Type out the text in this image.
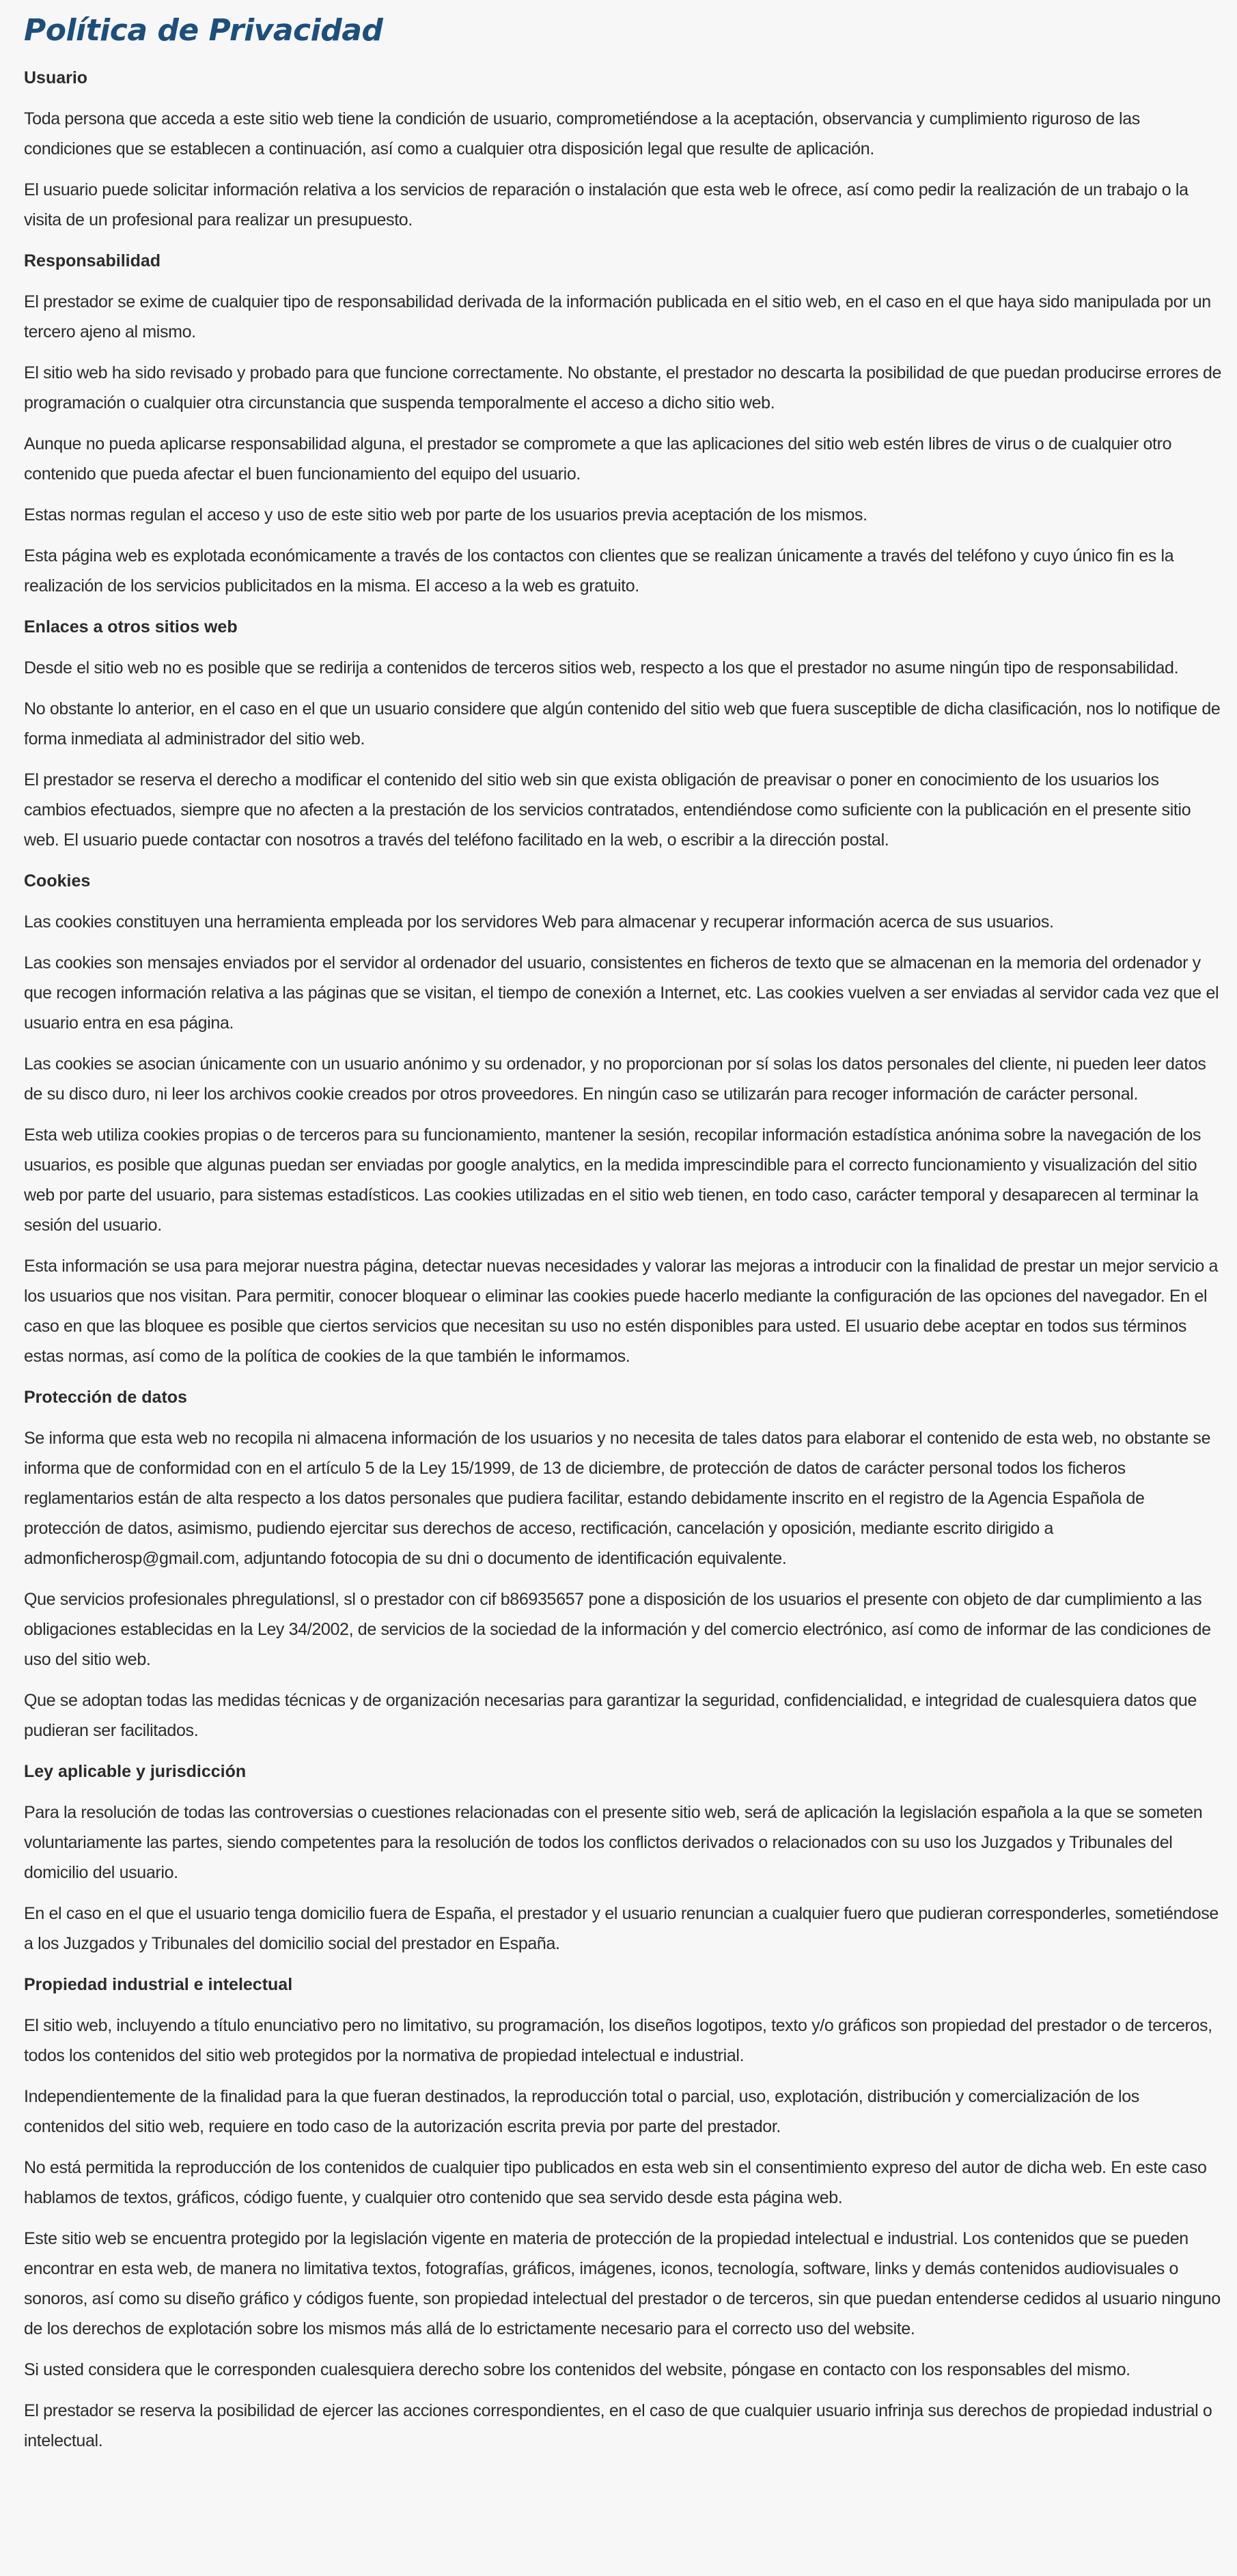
Política de Privacidad
Usuario

Toda persona que acceda a este sitio web tiene la condición de usuario, comprometiéndose a la aceptación, observancia y cumplimiento riguroso de las condiciones que se establecen a continuación, así como a cualquier otra disposición legal que resulte de aplicación.

El usuario puede solicitar información relativa a los servicios de reparación o instalación que esta web le ofrece, así como pedir la realización de un trabajo o la visita de un profesional para realizar un presupuesto.

Responsabilidad

El prestador se exime de cualquier tipo de responsabilidad derivada de la información publicada en el sitio web, en el caso en el que haya sido manipulada por un tercero ajeno al mismo.

El sitio web ha sido revisado y probado para que funcione correctamente. No obstante, el prestador no descarta la posibilidad de que puedan producirse errores de programación o cualquier otra circunstancia que suspenda temporalmente el acceso a dicho sitio web.

Aunque no pueda aplicarse responsabilidad alguna, el prestador se compromete a que las aplicaciones del sitio web estén libres de virus o de cualquier otro contenido que pueda afectar el buen funcionamiento del equipo del usuario.

Estas normas regulan el acceso y uso de este sitio web por parte de los usuarios previa aceptación de los mismos.

Esta página web es explotada económicamente a través de los contactos con clientes que se realizan únicamente a través del teléfono y cuyo único fin es la realización de los servicios publicitados en la misma. El acceso a la web es gratuito.

Enlaces a otros sitios web

Desde el sitio web no es posible que se redirija a contenidos de terceros sitios web, respecto a los que el prestador no asume ningún tipo de responsabilidad.

No obstante lo anterior, en el caso en el que un usuario considere que algún contenido del sitio web que fuera susceptible de dicha clasificación, nos lo notifique de forma inmediata al administrador del sitio web.

El prestador se reserva el derecho a modificar el contenido del sitio web sin que exista obligación de preavisar o poner en conocimiento de los usuarios los cambios efectuados, siempre que no afecten a la prestación de los servicios contratados, entendiéndose como suficiente con la publicación en el presente sitio web. El usuario puede contactar con nosotros a través del teléfono facilitado en la web, o escribir a la dirección postal.

Cookies

Las cookies constituyen una herramienta empleada por los servidores Web para almacenar y recuperar información acerca de sus usuarios.

Las cookies son mensajes enviados por el servidor al ordenador del usuario, consistentes en ficheros de texto que se almacenan en la memoria del ordenador y que recogen información relativa a las páginas que se visitan, el tiempo de conexión a Internet, etc. Las cookies vuelven a ser enviadas al servidor cada vez que el usuario entra en esa página.

Las cookies se asocian únicamente con un usuario anónimo y su ordenador, y no proporcionan por sí solas los datos personales del cliente, ni pueden leer datos de su disco duro, ni leer los archivos cookie creados por otros proveedores. En ningún caso se utilizarán para recoger información de carácter personal.

Esta web utiliza cookies propias o de terceros para su funcionamiento, mantener la sesión, recopilar información estadística anónima sobre la navegación de los usuarios, es posible que algunas puedan ser enviadas por google analytics, en la medida imprescindible para el correcto funcionamiento y visualización del sitio web por parte del usuario, para sistemas estadísticos. Las cookies utilizadas en el sitio web tienen, en todo caso, carácter temporal y desaparecen al terminar la sesión del usuario.

Esta información se usa para mejorar nuestra página, detectar nuevas necesidades y valorar las mejoras a introducir con la finalidad de prestar un mejor servicio a los usuarios que nos visitan. Para permitir, conocer bloquear o eliminar las cookies puede hacerlo mediante la configuración de las opciones del navegador. En el caso en que las bloquee es posible que ciertos servicios que necesitan su uso no estén disponibles para usted. El usuario debe aceptar en todos sus términos estas normas, así como de la política de cookies de la que también le informamos.

Protección de datos

Se informa que esta web no recopila ni almacena información de los usuarios y no necesita de tales datos para elaborar el contenido de esta web, no obstante se informa que de conformidad con en el artículo 5 de la Ley 15/1999, de 13 de diciembre, de protección de datos de carácter personal todos los ficheros reglamentarios están de alta respecto a los datos personales que pudiera facilitar, estando debidamente inscrito en el registro de la Agencia Española de protección de datos, asimismo, pudiendo ejercitar sus derechos de acceso, rectificación, cancelación y oposición, mediante escrito dirigido a admonficherosp@gmail.com, adjuntando fotocopia de su dni o documento de identificación equivalente.

Que servicios profesionales phregulationsl, sl o prestador con cif b86935657 pone a disposición de los usuarios el presente con objeto de dar cumplimiento a las obligaciones establecidas en la Ley 34/2002, de servicios de la sociedad de la información y del comercio electrónico, así como de informar de las condiciones de uso del sitio web.

Que se adoptan todas las medidas técnicas y de organización necesarias para garantizar la seguridad, confidencialidad, e integridad de cualesquiera datos que pudieran ser facilitados.

Ley aplicable y jurisdicción

Para la resolución de todas las controversias o cuestiones relacionadas con el presente sitio web, será de aplicación la legislación española a la que se someten voluntariamente las partes, siendo competentes para la resolución de todos los conflictos derivados o relacionados con su uso los Juzgados y Tribunales del domicilio del usuario.

En el caso en el que el usuario tenga domicilio fuera de España, el prestador y el usuario renuncian a cualquier fuero que pudieran corresponderles, sometiéndose a los Juzgados y Tribunales del domicilio social del prestador en España.

Propiedad industrial e intelectual

El sitio web, incluyendo a título enunciativo pero no limitativo, su programación, los diseños logotipos, texto y/o gráficos son propiedad del prestador o de terceros, todos los contenidos del sitio web protegidos por la normativa de propiedad intelectual e industrial.

Independientemente de la finalidad para la que fueran destinados, la reproducción total o parcial, uso, explotación, distribución y comercialización de los contenidos del sitio web, requiere en todo caso de la autorización escrita previa por parte del prestador.

No está permitida la reproducción de los contenidos de cualquier tipo publicados en esta web sin el consentimiento expreso del autor de dicha web. En este caso hablamos de textos, gráficos, código fuente, y cualquier otro contenido que sea servido desde esta página web.

Este sitio web se encuentra protegido por la legislación vigente en materia de protección de la propiedad intelectual e industrial. Los contenidos que se pueden encontrar en esta web, de manera no limitativa textos, fotografías, gráficos, imágenes, iconos, tecnología, software, links y demás contenidos audiovisuales o sonoros, así como su diseño gráfico y códigos fuente, son propiedad intelectual del prestador o de terceros, sin que puedan entenderse cedidos al usuario ninguno de los derechos de explotación sobre los mismos más allá de lo estrictamente necesario para el correcto uso del website.

Si usted considera que le corresponden cualesquiera derecho sobre los contenidos del website, póngase en contacto con los responsables del mismo.

El prestador se reserva la posibilidad de ejercer las acciones correspondientes, en el caso de que cualquier usuario infrinja sus derechos de propiedad industrial o intelectual.
